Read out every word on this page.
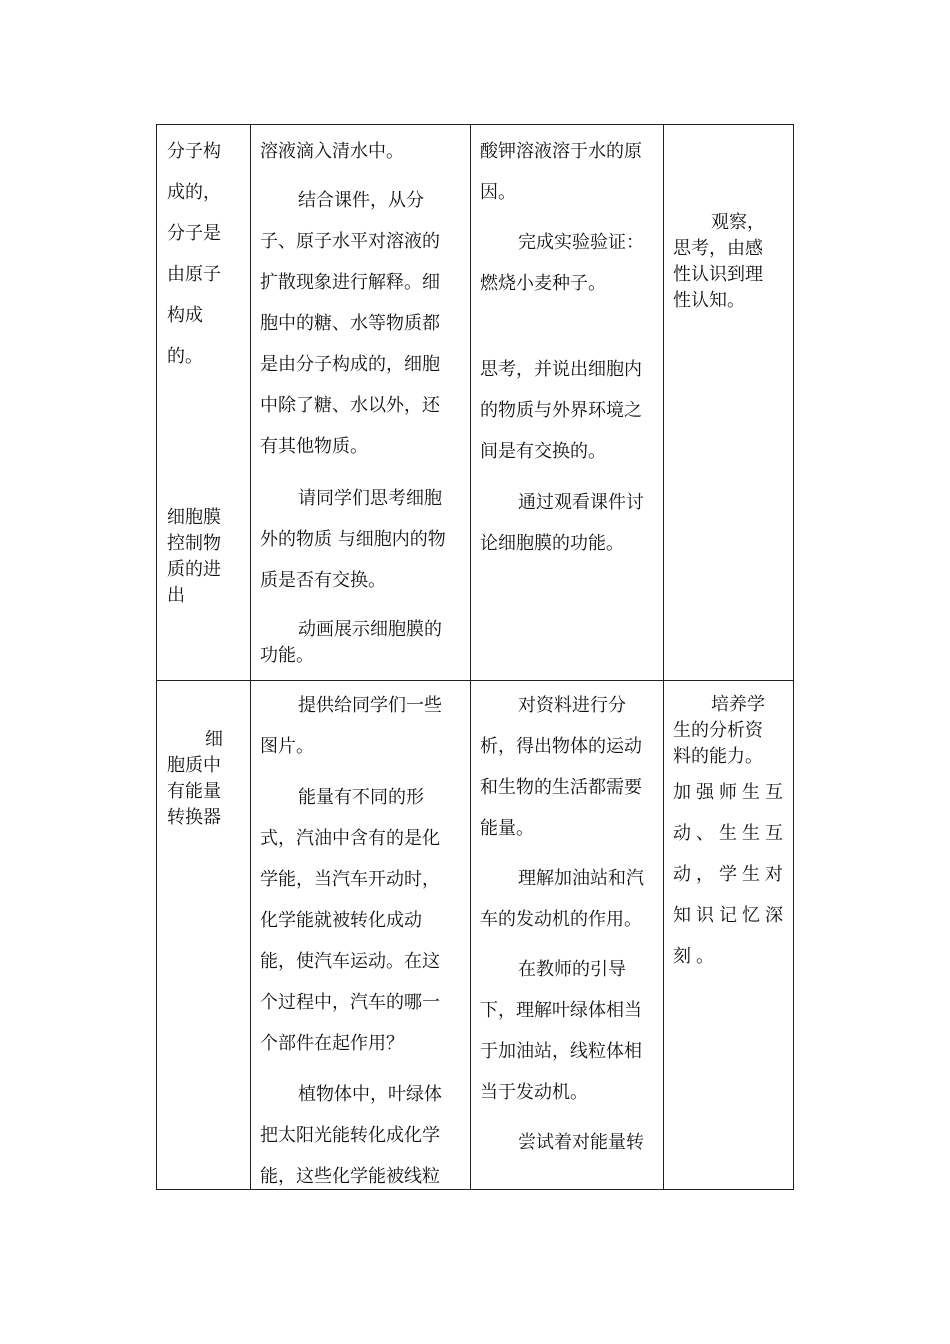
分子构
成的，
分子是
由原子
构成
的。

细胞膜
控制物
质的进
出

溶液滴入清水中。

结合课件，从分
子、原子水平对溶液的
扩散现象进行解释。细
胞中的糖、水等物质都
是由分子构成的，细胞
中除了糖、水以外，还
有其他物质。

请同学们思考细胞
外的物质 与细胞内的物
质是否有交换。

动画展示细胞膜的
功能。

酸钾溶液溶于水的原
因。

完成实验验证：
燃烧小麦种子。

思考，并说出细胞内
的物质与外界环境之
间是有交换的。

通过观看课件讨
论细胞膜的功能。

观察，
思考，由感
性认识到理
性认知。

细
胞质中
有能量
转换器

提供给同学们一些
图片。

能量有不同的形
式，汽油中含有的是化
学能，当汽车开动时，
化学能就被转化成动
能，使汽车运动。在这
个过程中，汽车的哪一
个部件在起作用？

植物体中，叶绿体
把太阳光能转化成化学
能，这些化学能被线粒

对资料进行分
析，得出物体的运动
和生物的生活都需要
能量。

理解加油站和汽
车的发动机的作用。

在教师的引导
下，理解叶绿体相当
于加油站，线粒体相
当于发动机。

尝试着对能量转

培养学
生的分析资
料的能力。

加强师生互
动、生生互
动，学生对
知识记忆深
刻。
